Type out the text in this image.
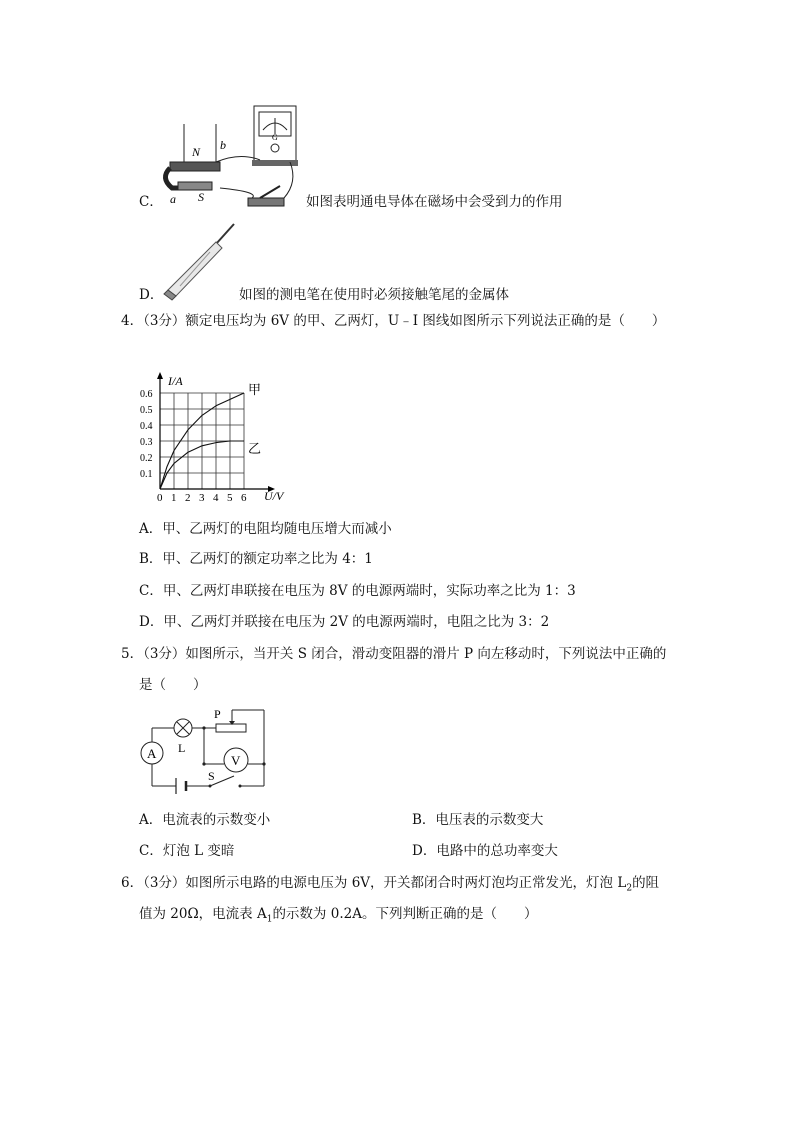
C．
N b
S
a
G
如图表明通电导体在磁场中会受到力的作用
D．	如图的测电笔在使用时必须接触笔尾的金属体
4．（3分）额定电压均为 6V 的甲、乙两灯，U﹣I 图线如图所示下列说法正确的是（　　）
0 1 2 3 4 5 6
0.1
0.2
0.3
0.4
0.5
0.6	甲
乙
I/A
U/V
A．甲、乙两灯的电阻均随电压增大而减小
B．甲、乙两灯的额定功率之比为 4：1
C．甲、乙两灯串联接在电压为 8V 的电源两端时，实际功率之比为 1：3
D．甲、乙两灯并联接在电压为 2V 的电源两端时，电阻之比为 3：2
5．（3分）如图所示，当开关 S 闭合，滑动变阻器的滑片 P 向左移动时，下列说法中正确的
是（　　）
A L
P
V
S
A．电流表的示数变小	B．电压表的示数变大
C．灯泡 L 变暗	D．电路中的总功率变大
6．（3分）如图所示电路的电源电压为 6V，开关都闭合时两灯泡均正常发光，灯泡 $L_2$的阻
值为 20Ω，电流表 $A_1$的示数为 0.2A。下列判断正确的是（　　）
